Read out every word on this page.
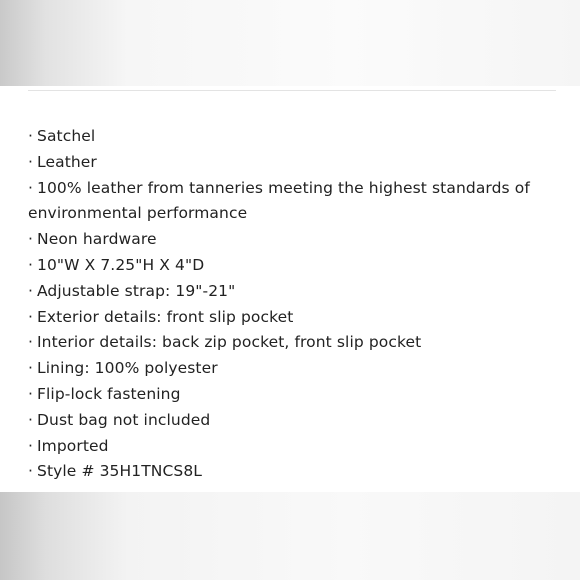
· Satchel
· Leather
· 100% leather from tanneries meeting the highest standards of environmental performance
· Neon hardware
· 10"W X 7.25"H X 4"D
· Adjustable strap: 19"-21"
· Exterior details: front slip pocket
· Interior details: back zip pocket, front slip pocket
· Lining: 100% polyester
· Flip-lock fastening
· Dust bag not included
· Imported
· Style # 35H1TNCS8L
